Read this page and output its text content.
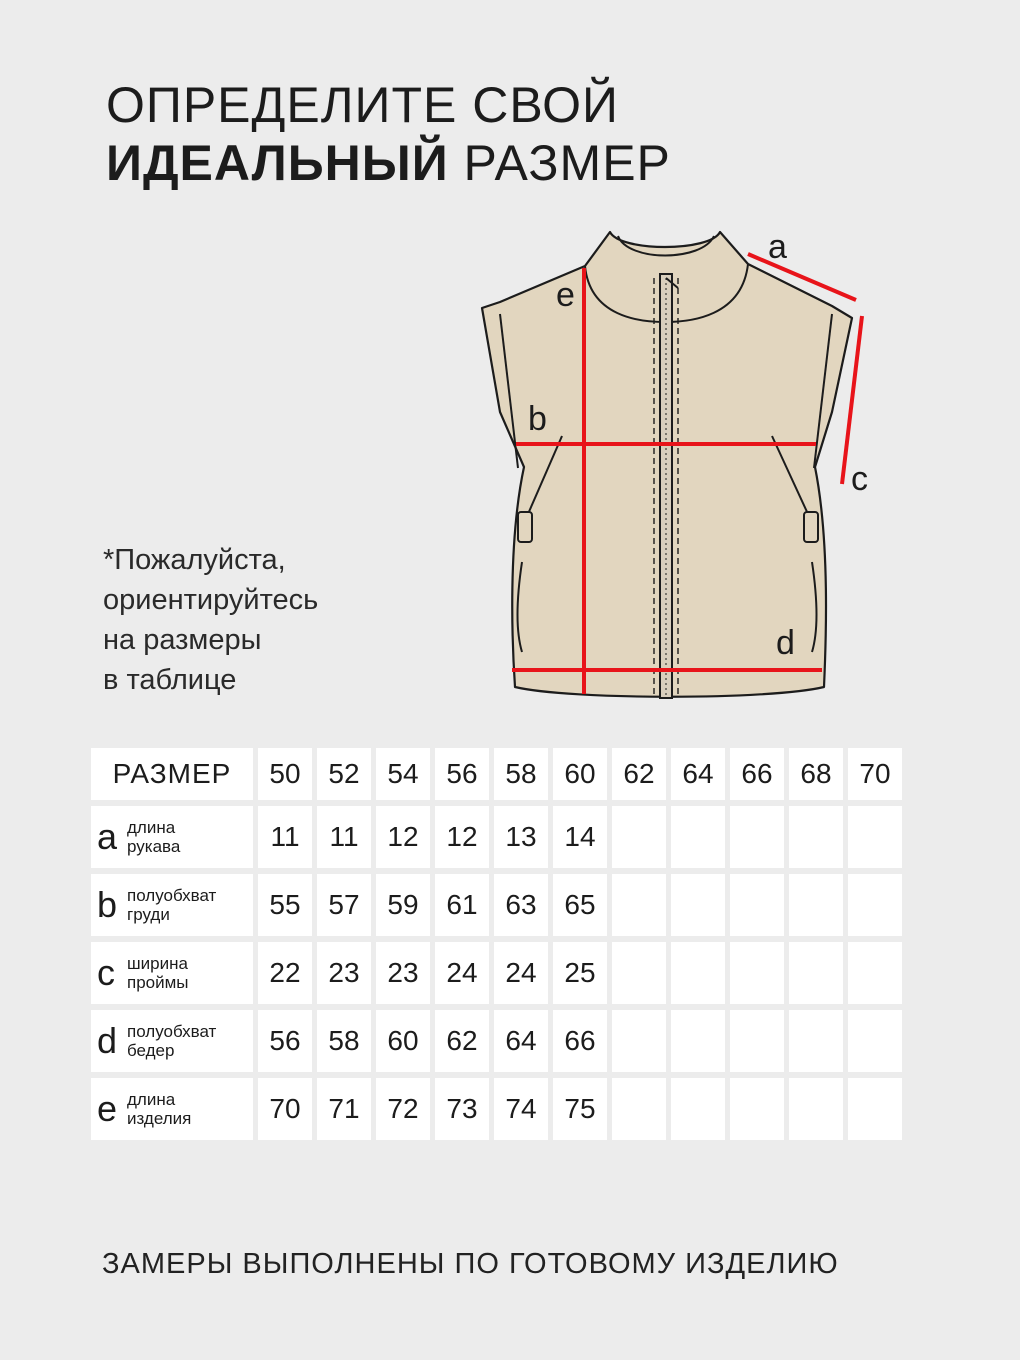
ОПРЕДЕЛИТЕ СВОЙ
ИДЕАЛЬНЫЙ РАЗМЕР
a
e
b
c
d
*Пожалуйста,
ориентируйтесь
на размеры
в таблице
РАЗМЕР	50	52	54	56	58	60	62	64	66	68	70

a длина
рукава	11	11	12	12	13	14					

b полуобхват
груди	55	57	59	61	63	65					

c ширина
проймы	22	23	23	24	24	25					

d полуобхват
бедер	56	58	60	62	64	66					

e длина
изделия	70	71	72	73	74	75					
ЗАМЕРЫ ВЫПОЛНЕНЫ ПО ГОТОВОМУ ИЗДЕЛИЮ
